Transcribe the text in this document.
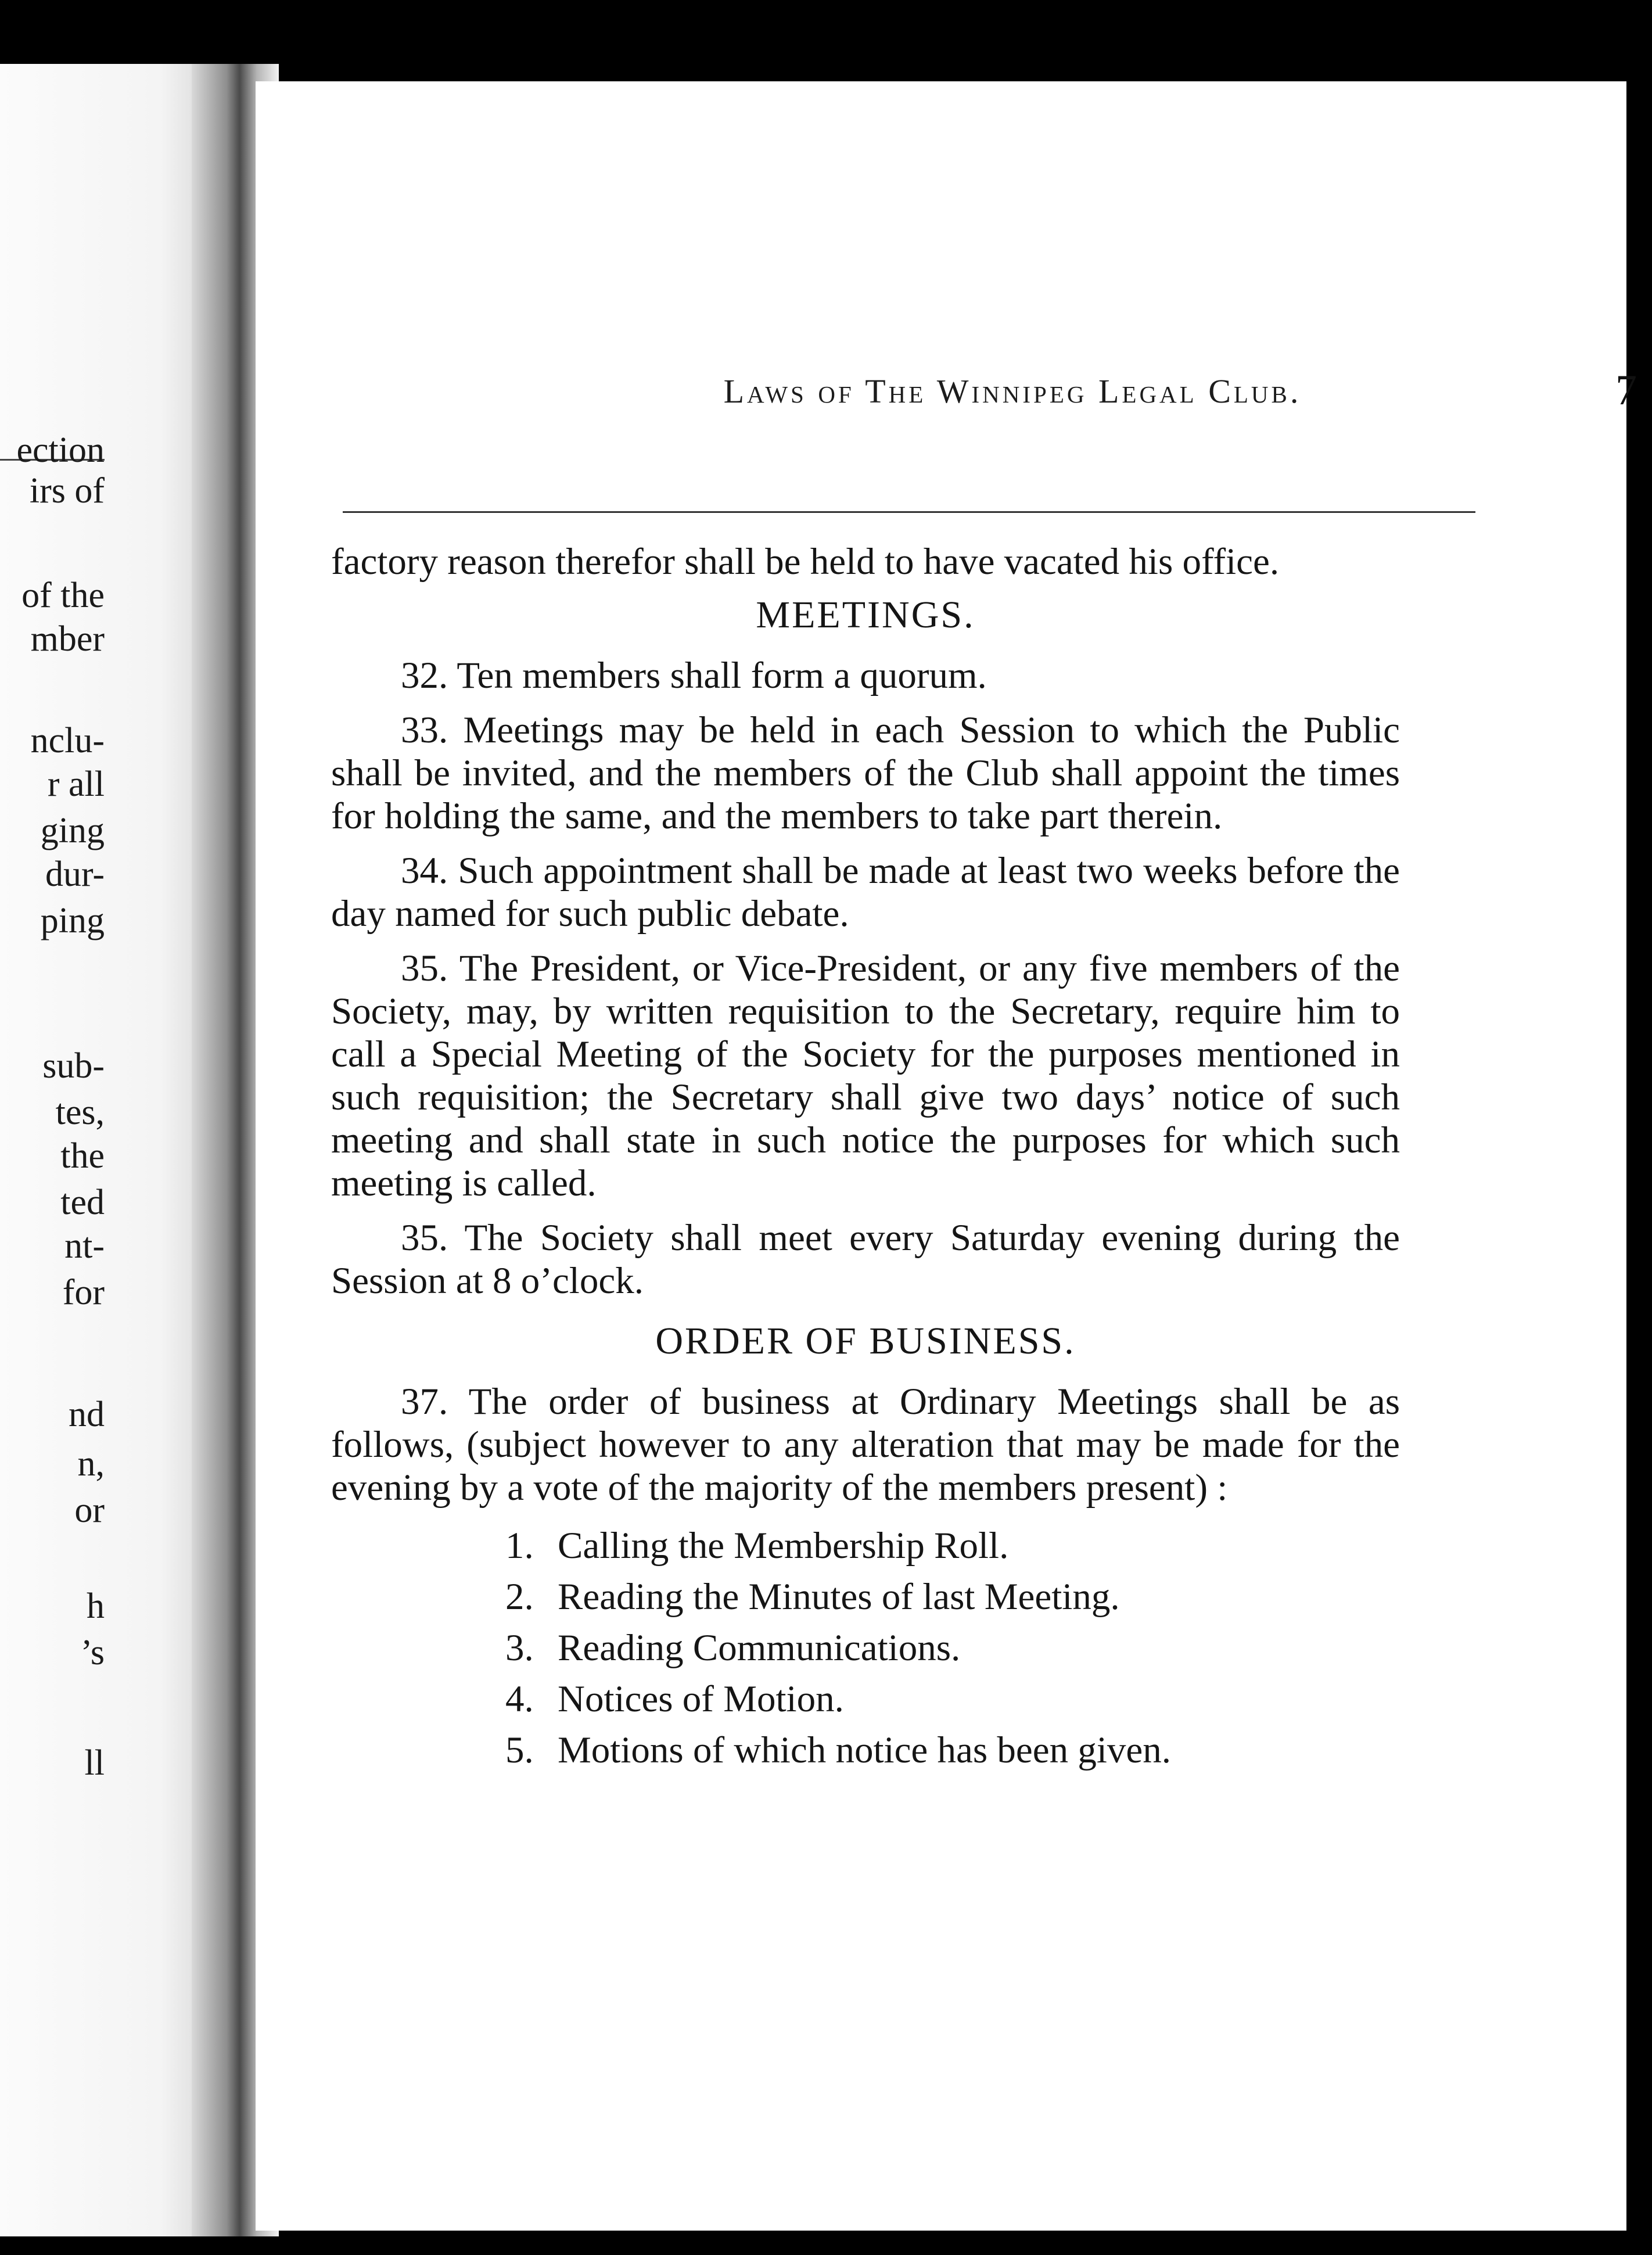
ection
irs of
of the
mber
nclu-
r all
ging
dur-
ping
sub-
tes,
the
ted
nt-
for
nd
n,
or
h
’s
ll
Laws of The Winnipeg Legal Club.	7

factory reason therefor shall be held to have vacated his office.

MEETINGS.

32. Ten members shall form a quorum.

33. Meetings may be held in each Session to which the Public shall be invited, and the members of the Club shall appoint the times for holding the same, and the members to take part therein.

34. Such appointment shall be made at least two weeks before the day named for such public debate.

35. The President, or Vice-President, or any five members of the Society, may, by written requisition to the Secretary, require him to call a Special Meeting of the Society for the purposes mentioned in such requisition; the Secretary shall give two days’ notice of such meeting and shall state in such notice the purposes for which such meeting is called.

35. The Society shall meet every Saturday evening during the Session at 8 o’clock.

ORDER OF BUSINESS.

37. The order of business at Ordinary Meetings shall be as follows, (subject however to any alteration that may be made for the evening by a vote of the majority of the members present) :

1. Calling the Membership Roll.
2. Reading the Minutes of last Meeting.
3. Reading Communications.
4. Notices of Motion.
5. Motions of which notice has been given.
